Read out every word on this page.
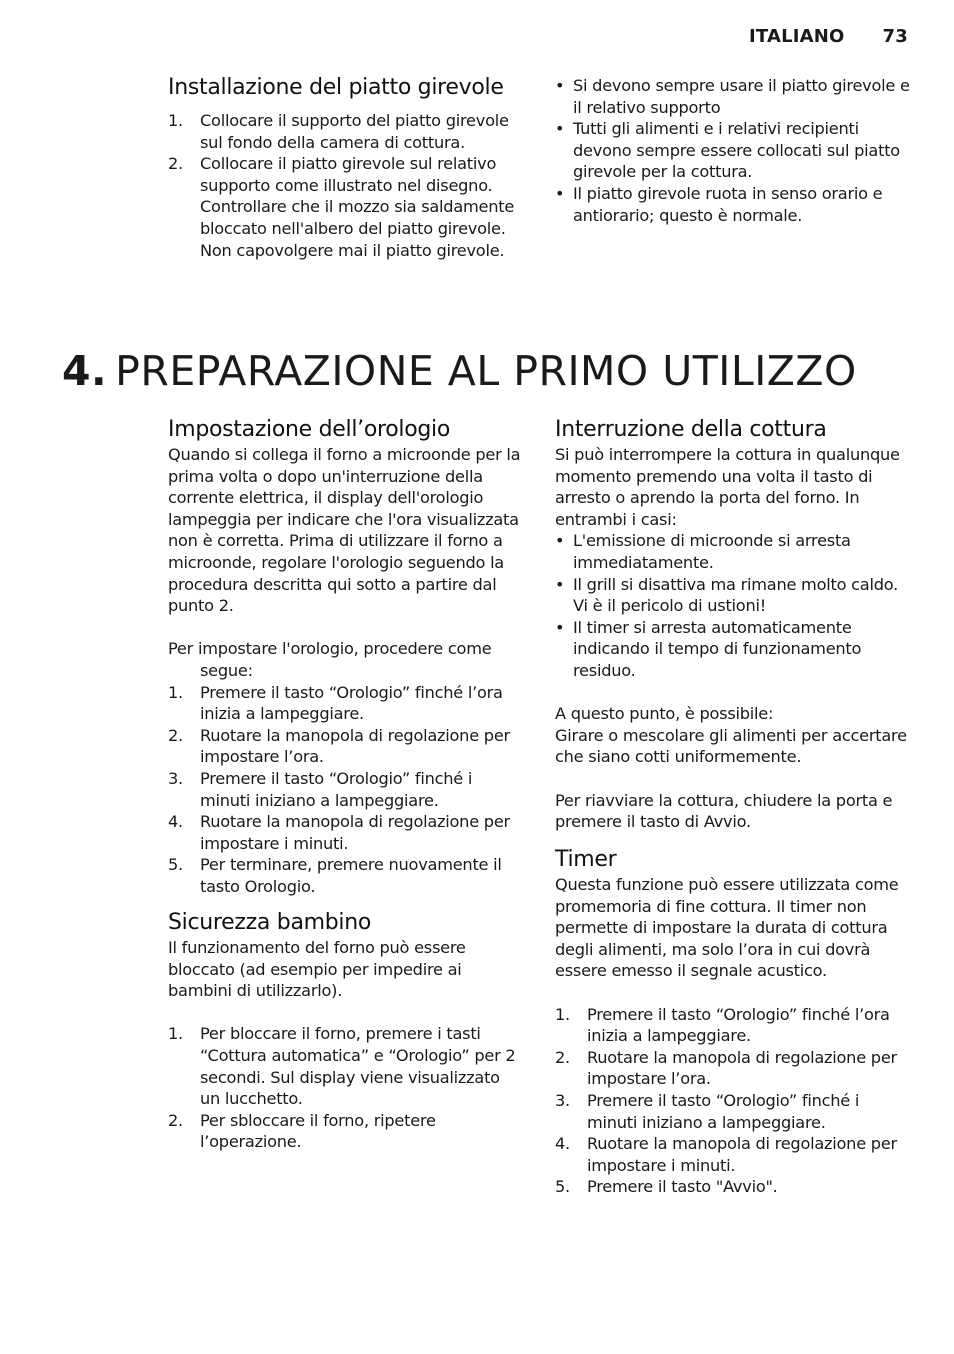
ITALIANO 73
Installazione del piatto girevole
1. Collocare il supporto del piatto girevole sul fondo della camera di cottura.
2. Collocare il piatto girevole sul relativo supporto come illustrato nel disegno. Controllare che il mozzo sia saldamente bloccato nell'albero del piatto girevole. Non capovolgere mai il piatto girevole.
• Si devono sempre usare il piatto girevole e il relativo supporto
• Tutti gli alimenti e i relativi recipienti devono sempre essere collocati sul piatto girevole per la cottura.
• Il piatto girevole ruota in senso orario e antiorario; questo è normale.
4. PREPARAZIONE AL PRIMO UTILIZZO
Impostazione dell’orologio

Quando si collega il forno a microonde per la prima volta o dopo un'interruzione della corrente elettrica, il display dell'orologio lampeggia per indicare che l'ora visualizzata non è corretta. Prima di utilizzare il forno a microonde, regolare l'orologio seguendo la procedura descritta qui sotto a partire dal punto 2.

Per impostare l'orologio, procedere come segue:

1. Premere il tasto “Orologio” finché l’ora inizia a lampeggiare.
2. Ruotare la manopola di regolazione per impostare l’ora.
3. Premere il tasto “Orologio” finché i minuti iniziano a lampeggiare.
4. Ruotare la manopola di regolazione per impostare i minuti.
5. Per terminare, premere nuovamente il tasto Orologio.
Sicurezza bambino

Il funzionamento del forno può essere bloccato (ad esempio per impedire ai bambini di utilizzarlo).

1. Per bloccare il forno, premere i tasti “Cottura automatica” e “Orologio” per 2 secondi. Sul display viene visualizzato un lucchetto.
2. Per sbloccare il forno, ripetere l’operazione.
Interruzione della cottura

Si può interrompere la cottura in qualunque momento premendo una volta il tasto di arresto o aprendo la porta del forno. In entrambi i casi:

• L'emissione di microonde si arresta immediatamente.
• Il grill si disattiva ma rimane molto caldo. Vi è il pericolo di ustioni!
• Il timer si arresta automaticamente indicando il tempo di funzionamento residuo.

A questo punto, è possibile:

Girare o mescolare gli alimenti per accertare che siano cotti uniformemente.

Per riavviare la cottura, chiudere la porta e premere il tasto di Avvio.

Timer

Questa funzione può essere utilizzata come promemoria di fine cottura. Il timer non permette di impostare la durata di cottura degli alimenti, ma solo l’ora in cui dovrà essere emesso il segnale acustico.

1. Premere il tasto “Orologio” finché l’ora inizia a lampeggiare.
2. Ruotare la manopola di regolazione per impostare l’ora.
3. Premere il tasto “Orologio” finché i minuti iniziano a lampeggiare.
4. Ruotare la manopola di regolazione per impostare i minuti.
5. Premere il tasto "Avvio".
